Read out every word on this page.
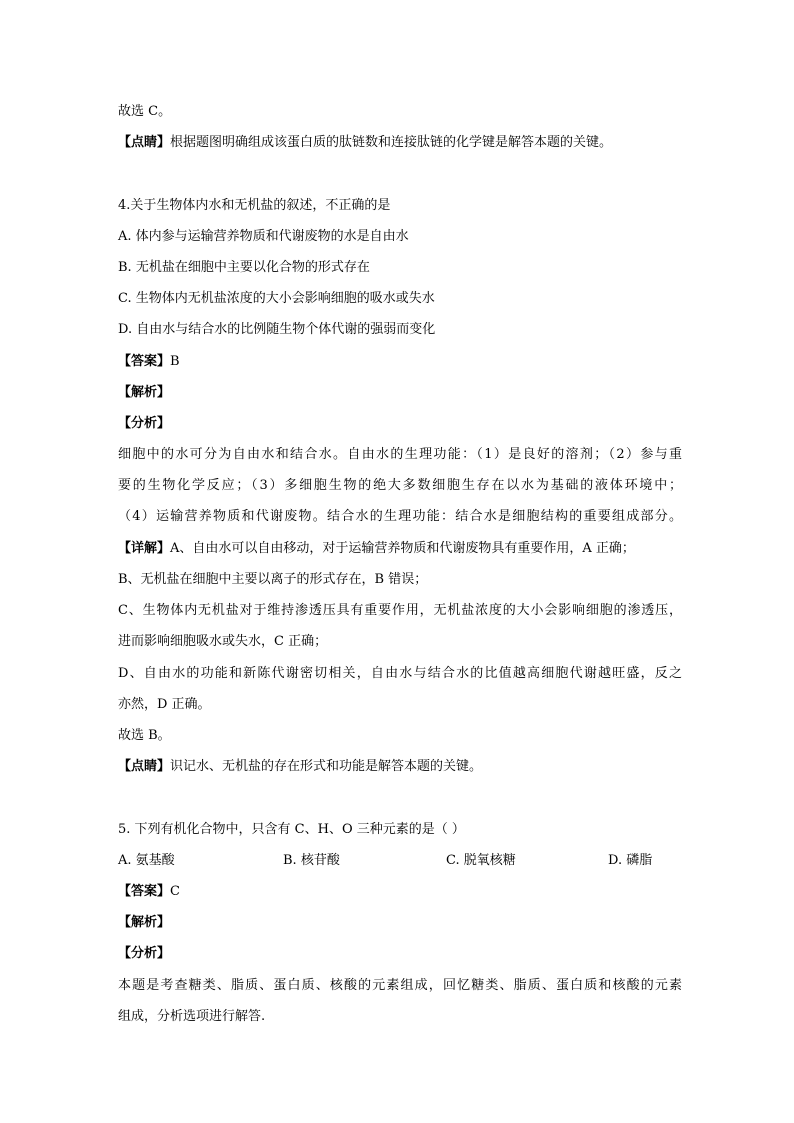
故选 C。
【点睛】根据题图明确组成该蛋白质的肽链数和连接肽链的化学键是解答本题的关键。
4.关于生物体内水和无机盐的叙述，不正确的是
A. 体内参与运输营养物质和代谢废物的水是自由水
B. 无机盐在细胞中主要以化合物的形式存在
C. 生物体内无机盐浓度的大小会影响细胞的吸水或失水
D. 自由水与结合水的比例随生物个体代谢的强弱而变化
【答案】B
【解析】
【分析】
细胞中的水可分为自由水和结合水。自由水的生理功能：（1）是良好的溶剂；（2）参与重
要的生物化学反应；（3）多细胞生物的绝大多数细胞生存在以水为基础的液体环境中；
（4）运输营养物质和代谢废物。结合水的生理功能：结合水是细胞结构的重要组成部分。
【详解】A、自由水可以自由移动，对于运输营养物质和代谢废物具有重要作用，A 正确；
B、无机盐在细胞中主要以离子的形式存在，B 错误；
C、生物体内无机盐对于维持渗透压具有重要作用，无机盐浓度的大小会影响细胞的渗透压，
进而影响细胞吸水或失水，C 正确；
D、自由水的功能和新陈代谢密切相关，自由水与结合水的比值越高细胞代谢越旺盛，反之
亦然，D 正确。
故选 B。
【点睛】识记水、无机盐的存在形式和功能是解答本题的关键。
5. 下列有机化合物中，只含有 C、H、O 三种元素的是（ ）
A. 氨基酸	B. 核苷酸	C. 脱氧核糖	D. 磷脂
【答案】C
【解析】
【分析】
本题是考查糖类、脂质、蛋白质、核酸的元素组成，回忆糖类、脂质、蛋白质和核酸的元素
组成，分析选项进行解答.
